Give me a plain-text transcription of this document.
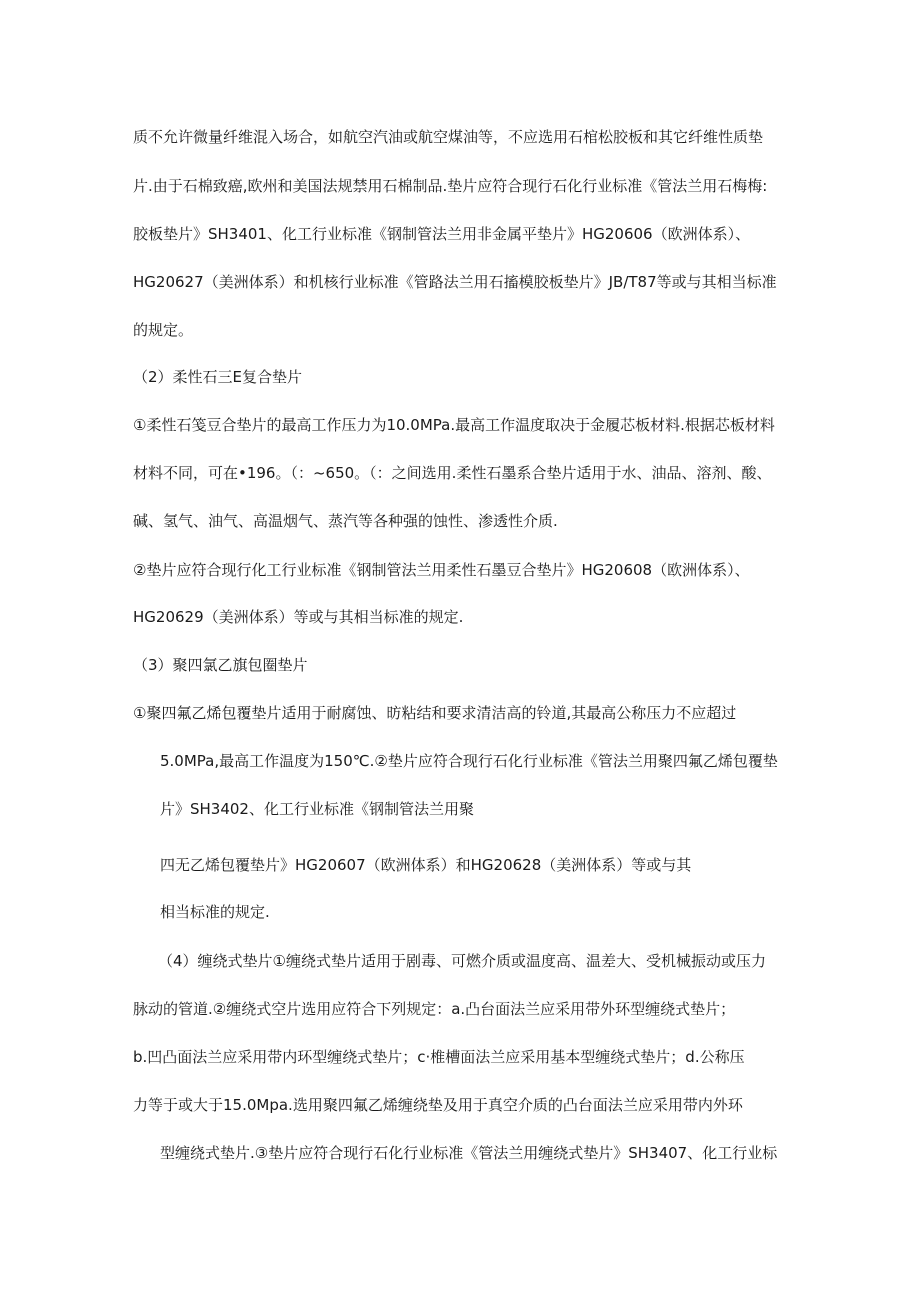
质不允许微量纤维混入场合，如航空汽油或航空煤油等，不应选用石棺松胶板和其它纤维性质垫
片.由于石棉致癌,欧州和美国法规禁用石棉制品.垫片应符合现行石化行业标准《管法兰用石梅梅:
胶板垫片》SH3401、化工行业标准《钢制管法兰用非金属平垫片》HG20606（欧洲体系）、
HG20627（美洲体系）和机核行业标准《管路法兰用石搐模胶板垫片》JB/T87等或与其相当标准
的规定。
（2）柔性石三E复合垫片
①柔性石笺豆合垫片的最高工作压力为10.0MPa.最高工作温度取决于金履芯板材料.根据芯板材料
材料不同，可在•196。（：~650。（：之间选用.柔性石墨系合垫片适用于水、油品、溶剂、酸、
碱、氢气、油气、高温烟气、蒸汽等各种强的蚀性、渗透性介质.
②垫片应符合现行化工行业标准《钢制管法兰用柔性石墨豆合垫片》HG20608（欧洲体系）、
HG20629（美洲体系）等或与其相当标准的规定.
（3）聚四氯乙旗包圈垫片
①聚四氟乙烯包覆垫片适用于耐腐蚀、昉粘结和要求清洁高的铃道,其最高公称压力不应超过
5.0MPa,最高工作温度为150℃.②垫片应符合现行石化行业标准《管法兰用聚四氟乙烯包覆垫
片》SH3402、化工行业标准《钢制管法兰用聚
四无乙烯包覆垫片》HG20607（欧洲体系）和HG20628（美洲体系）等或与其
相当标准的规定.
（4）缠绕式垫片①缠绕式垫片适用于剧毒、可燃介质或温度高、温差大、受机械振动或压力
脉动的管道.②缠绕式空片选用应符合下列规定：a.凸台面法兰应采用带外环型缠绕式垫片；
b.凹凸面法兰应采用带内环型缠绕式垫片；c·椎槽面法兰应采用基本型缠绕式垫片；d.公称压
力等于或大于15.0Mpa.选用聚四氟乙烯缠绕垫及用于真空介质的凸台面法兰应采用带内外环
型缠绕式垫片.③垫片应符合现行石化行业标准《管法兰用缠绕式垫片》SH3407、化工行业标
